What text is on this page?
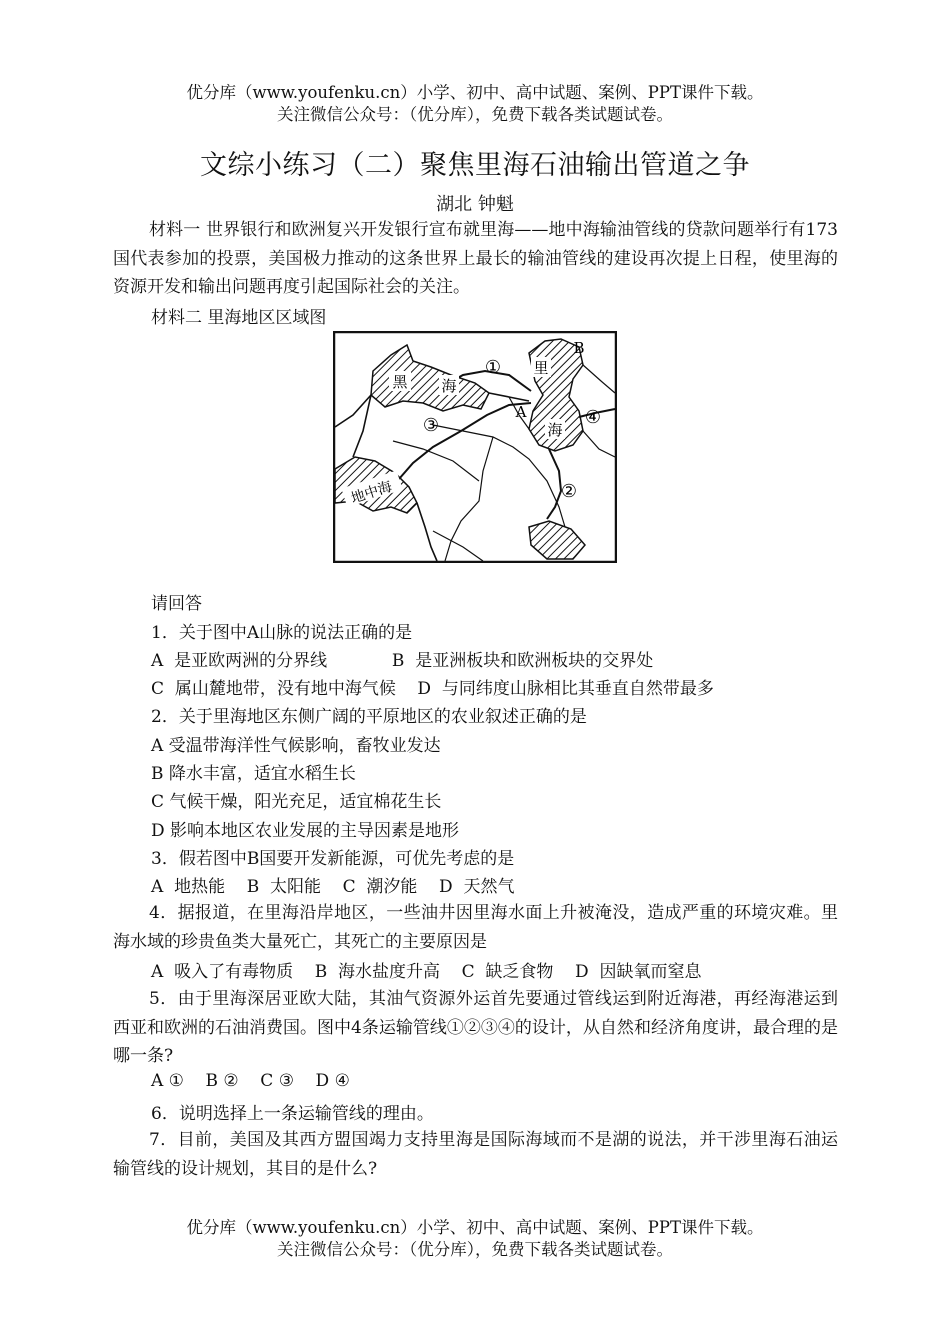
优分库（www.youfenku.cn）小学、初中、高中试题、案例、PPT课件下载。
关注微信公众号：（优分库），免费下载各类试题试卷。
文综小练习（二）聚焦里海石油输出管道之争
湖北 钟魁
材料一 世界银行和欧洲复兴开发银行宣布就里海——地中海输油管线的贷款问题举行有173国代表参加的投票，美国极力推动的这条世界上最长的输油管线的建设再次提上日程，使里海的资源开发和输出问题再度引起国际社会的关注。
材料二 里海地区区域图
黑 海
里
海
地中海
A
B
①
②
③	④
请回答
1．关于图中A山脉的说法正确的是
A  是亚欧两洲的分界线            B  是亚洲板块和欧洲板块的交界处
C  属山麓地带，没有地中海气候    D  与同纬度山脉相比其垂直自然带最多
2．关于里海地区东侧广阔的平原地区的农业叙述正确的是
A 受温带海洋性气候影响，畜牧业发达
B 降水丰富，适宜水稻生长
C 气候干燥，阳光充足，适宜棉花生长
D 影响本地区农业发展的主导因素是地形
3．假若图中B国要开发新能源，可优先考虑的是
A  地热能    B  太阳能    C  潮汐能    D  天然气
4．据报道，在里海沿岸地区，一些油井因里海水面上升被淹没，造成严重的环境灾难。里海水域的珍贵鱼类大量死亡，其死亡的主要原因是
A  吸入了有毒物质    B  海水盐度升高    C  缺乏食物    D  因缺氧而窒息
5．由于里海深居亚欧大陆，其油气资源外运首先要通过管线运到附近海港，再经海港运到西亚和欧洲的石油消费国。图中4条运输管线①②③④的设计，从自然和经济角度讲，最合理的是哪一条?
A ①    B ②    C ③    D ④
6．说明选择上一条运输管线的理由。
7．目前，美国及其西方盟国竭力支持里海是国际海域而不是湖的说法，并干涉里海石油运输管线的设计规划，其目的是什么?
优分库（www.youfenku.cn）小学、初中、高中试题、案例、PPT课件下载。
关注微信公众号：（优分库），免费下载各类试题试卷。
